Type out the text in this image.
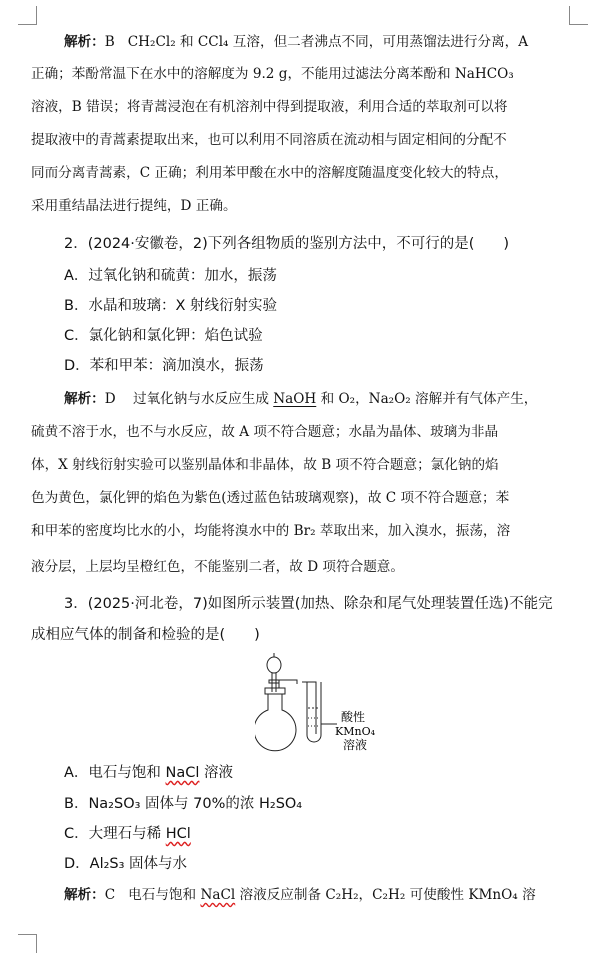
解析：B CH₂Cl₂ 和 CCl₄ 互溶，但二者沸点不同，可用蒸馏法进行分离，A
正确；苯酚常温下在水中的溶解度为 9.2 g，不能用过滤法分离苯酚和 NaHCO₃
溶液，B 错误；将青蒿浸泡在有机溶剂中得到提取液，利用合适的萃取剂可以将
提取液中的青蒿素提取出来，也可以利用不同溶质在流动相与固定相间的分配不
同而分离青蒿素，C 正确；利用苯甲酸在水中的溶解度随温度变化较大的特点，
采用重结晶法进行提纯，D 正确。
2．(2024·安徽卷，2)下列各组物质的鉴别方法中，不可行的是(　　)
A．过氧化钠和硫黄：加水，振荡
B．水晶和玻璃：X 射线衍射实验
C．氯化钠和氯化钾：焰色试验
D．苯和甲苯：滴加溴水，振荡
解析：D 过氧化钠与水反应生成 NaOH 和 O₂，Na₂O₂ 溶解并有气体产生，
硫黄不溶于水，也不与水反应，故 A 项不符合题意；水晶为晶体、玻璃为非晶
体，X 射线衍射实验可以鉴别晶体和非晶体，故 B 项不符合题意；氯化钠的焰
色为黄色，氯化钾的焰色为紫色(透过蓝色钴玻璃观察)，故 C 项不符合题意；苯
和甲苯的密度均比水的小，均能将溴水中的 Br₂ 萃取出来，加入溴水，振荡，溶
液分层，上层均呈橙红色，不能鉴别二者，故 D 项符合题意。
3．(2025·河北卷，7)如图所示装置(加热、除杂和尾气处理装置任选)不能完
成相应气体的制备和检验的是(　　)
酸性
KMnO₄
溶液
A．电石与饱和 NaCl 溶液
B．Na₂SO₃ 固体与 70%的浓 H₂SO₄
C．大理石与稀 HCl
D．Al₂S₃ 固体与水
解析：C 电石与饱和 NaCl 溶液反应制备 C₂H₂，C₂H₂ 可使酸性 KMnO₄ 溶
